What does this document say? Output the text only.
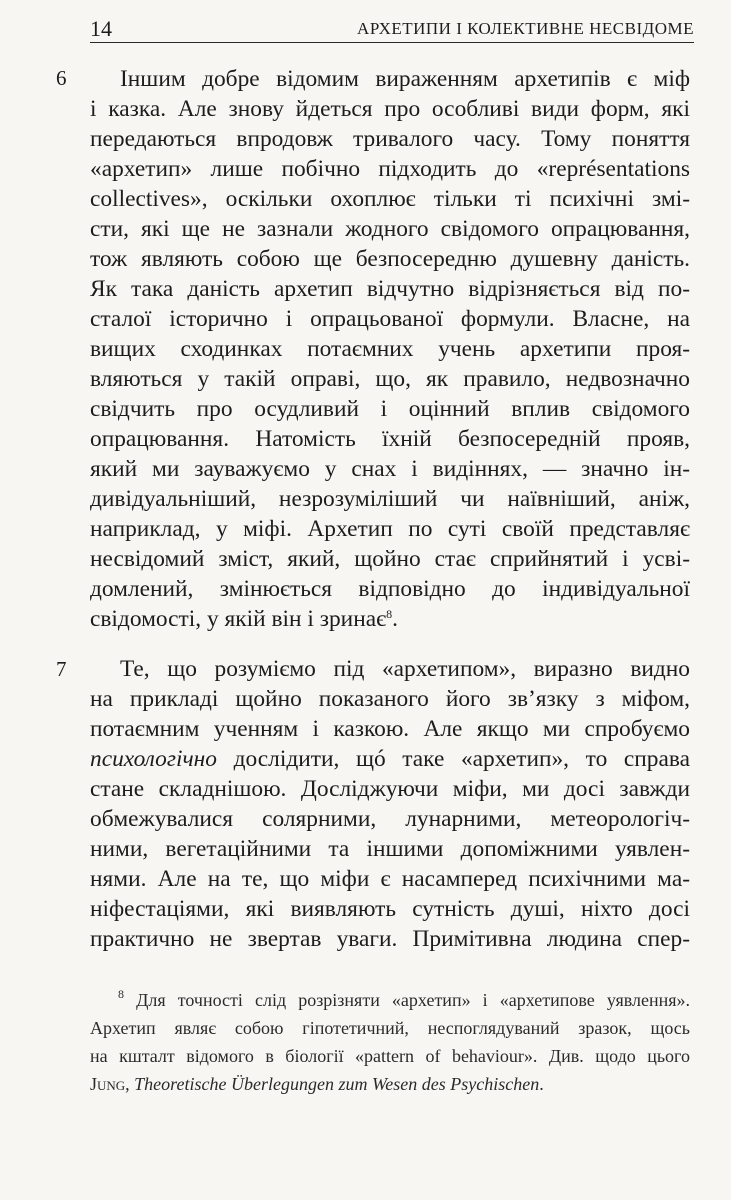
14	АРХЕТИПИ І КОЛЕКТИВНЕ НЕСВІДОМЕ
6	Іншим добре відомим вираженням архетипів є міф
і казка. Але знову йдеться про особливі види форм, які
передаються впродовж тривалого часу. Тому поняття
«архетип» лише побічно підходить до «représentations
collectives», оскільки охоплює тільки ті психічні змі-
сти, які ще не зазнали жодного свідомого опрацювання,
тож являють собою ще безпосередню душевну даність.
Як така даність архетип відчутно відрізняється від по-
сталої історично і опрацьованої формули. Власне, на
вищих сходинках потаємних учень архетипи проя-
вляються у такій оправі, що, як правило, недвозначно
свідчить про осудливий і оцінний вплив свідомого
опрацювання. Натомість їхній безпосередній прояв,
який ми зауважуємо у снах і видіннях, — значно ін-
дивідуальніший, незрозуміліший чи наївніший, аніж,
наприклад, у міфі. Архетип по суті своїй представляє
несвідомий зміст, який, щойно стає сприйнятий і усві-
домлений, змінюється відповідно до індивідуальної
свідомості, у якій він і зринає$^8$.
7	Те, що розуміємо під «архетипом», виразно видно
на прикладі щойно показаного його зв’язку з міфом,
потаємним ученням і казкою. Але якщо ми спробуємо
психологічно дослідити, щó таке «архетип», то справа
стане складнішою. Досліджуючи міфи, ми досі завжди
обмежувалися солярними, лунарними, метеорологіч-
ними, вегетаційними та іншими допоміжними уявлен-
нями. Але на те, що міфи є насамперед психічними ма-
ніфестаціями, які виявляють сутність душі, ніхто досі
практично не звертав уваги. Примітивна людина спер-
$^8$ Для точності слід розрізняти «архетип» і «архетипове уявлення».
Архетип являє собою гіпотетичний, неспоглядуваний зразок, щось
на кшталт відомого в біології «pattern of behaviour». Див. щодо цього
Jung, Theoretische Überlegungen zum Wesen des Psychischen.
